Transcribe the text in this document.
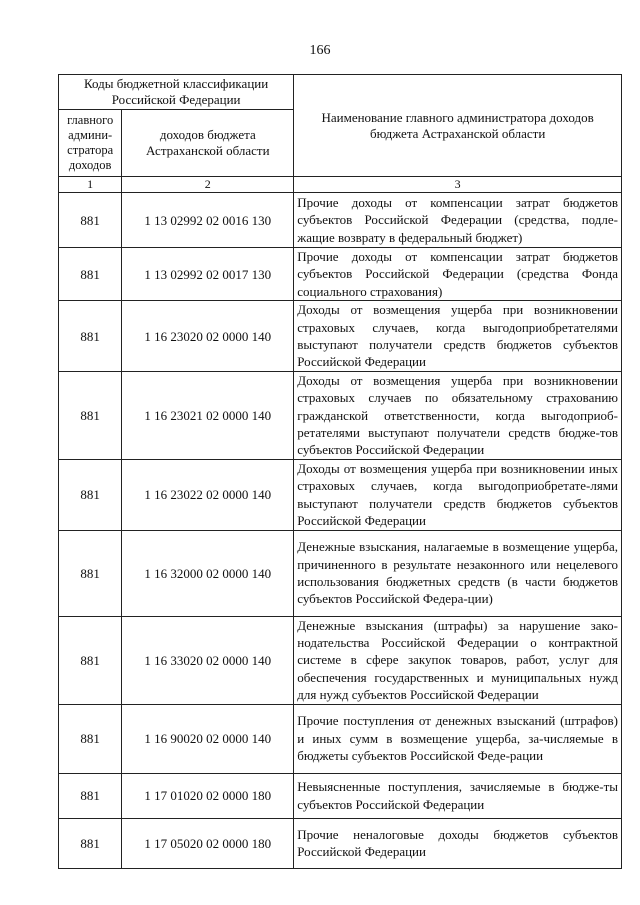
166
Коды бюджетной классификации Российской Федерации		Наименование главного администратора доходов бюджета Астраханской области
главного админи-стратора доходов	доходов бюджета Астраханской области	
1	2	3
881	1 13 02992 02 0016 130	Прочие доходы от компенсации затрат бюджетов субъектов Российской Федерации (средства, подле-жащие возврату в федеральный бюджет)
881	1 13 02992 02 0017 130	Прочие доходы от компенсации затрат бюджетов субъектов Российской Федерации (средства Фонда социального страхования)
881	1 16 23020 02 0000 140	Доходы от возмещения ущерба при возникновении страховых случаев, когда выгодоприобретателями выступают получатели средств бюджетов субъектов Российской Федерации
881	1 16 23021 02 0000 140	Доходы от возмещения ущерба при возникновении страховых случаев по обязательному страхованию гражданской ответственности, когда выгодоприоб-ретателями выступают получатели средств бюдже-тов субъектов Российской Федерации
881	1 16 23022 02 0000 140	Доходы от возмещения ущерба при возникновении иных страховых случаев, когда выгодоприобретате-лями выступают получатели средств бюджетов субъектов Российской Федерации
881	1 16 32000 02 0000 140	Денежные взыскания, налагаемые в возмещение ущерба, причиненного в результате незаконного или нецелевого использования бюджетных средств (в части бюджетов субъектов Российской Федера-ции)
881	1 16 33020 02 0000 140	Денежные взыскания (штрафы) за нарушение зако-нодательства Российской Федерации о контрактной системе в сфере закупок товаров, работ, услуг для обеспечения государственных и муниципальных нужд для нужд субъектов Российской Федерации
881	1 16 90020 02 0000 140	Прочие поступления от денежных взысканий (штрафов) и иных сумм в возмещение ущерба, за-числяемые в бюджеты субъектов Российской Феде-рации
881	1 17 01020 02 0000 180	Невыясненные поступления, зачисляемые в бюдже-ты субъектов Российской Федерации
881	1 17 05020 02 0000 180	Прочие неналоговые доходы бюджетов субъектов Российской Федерации
